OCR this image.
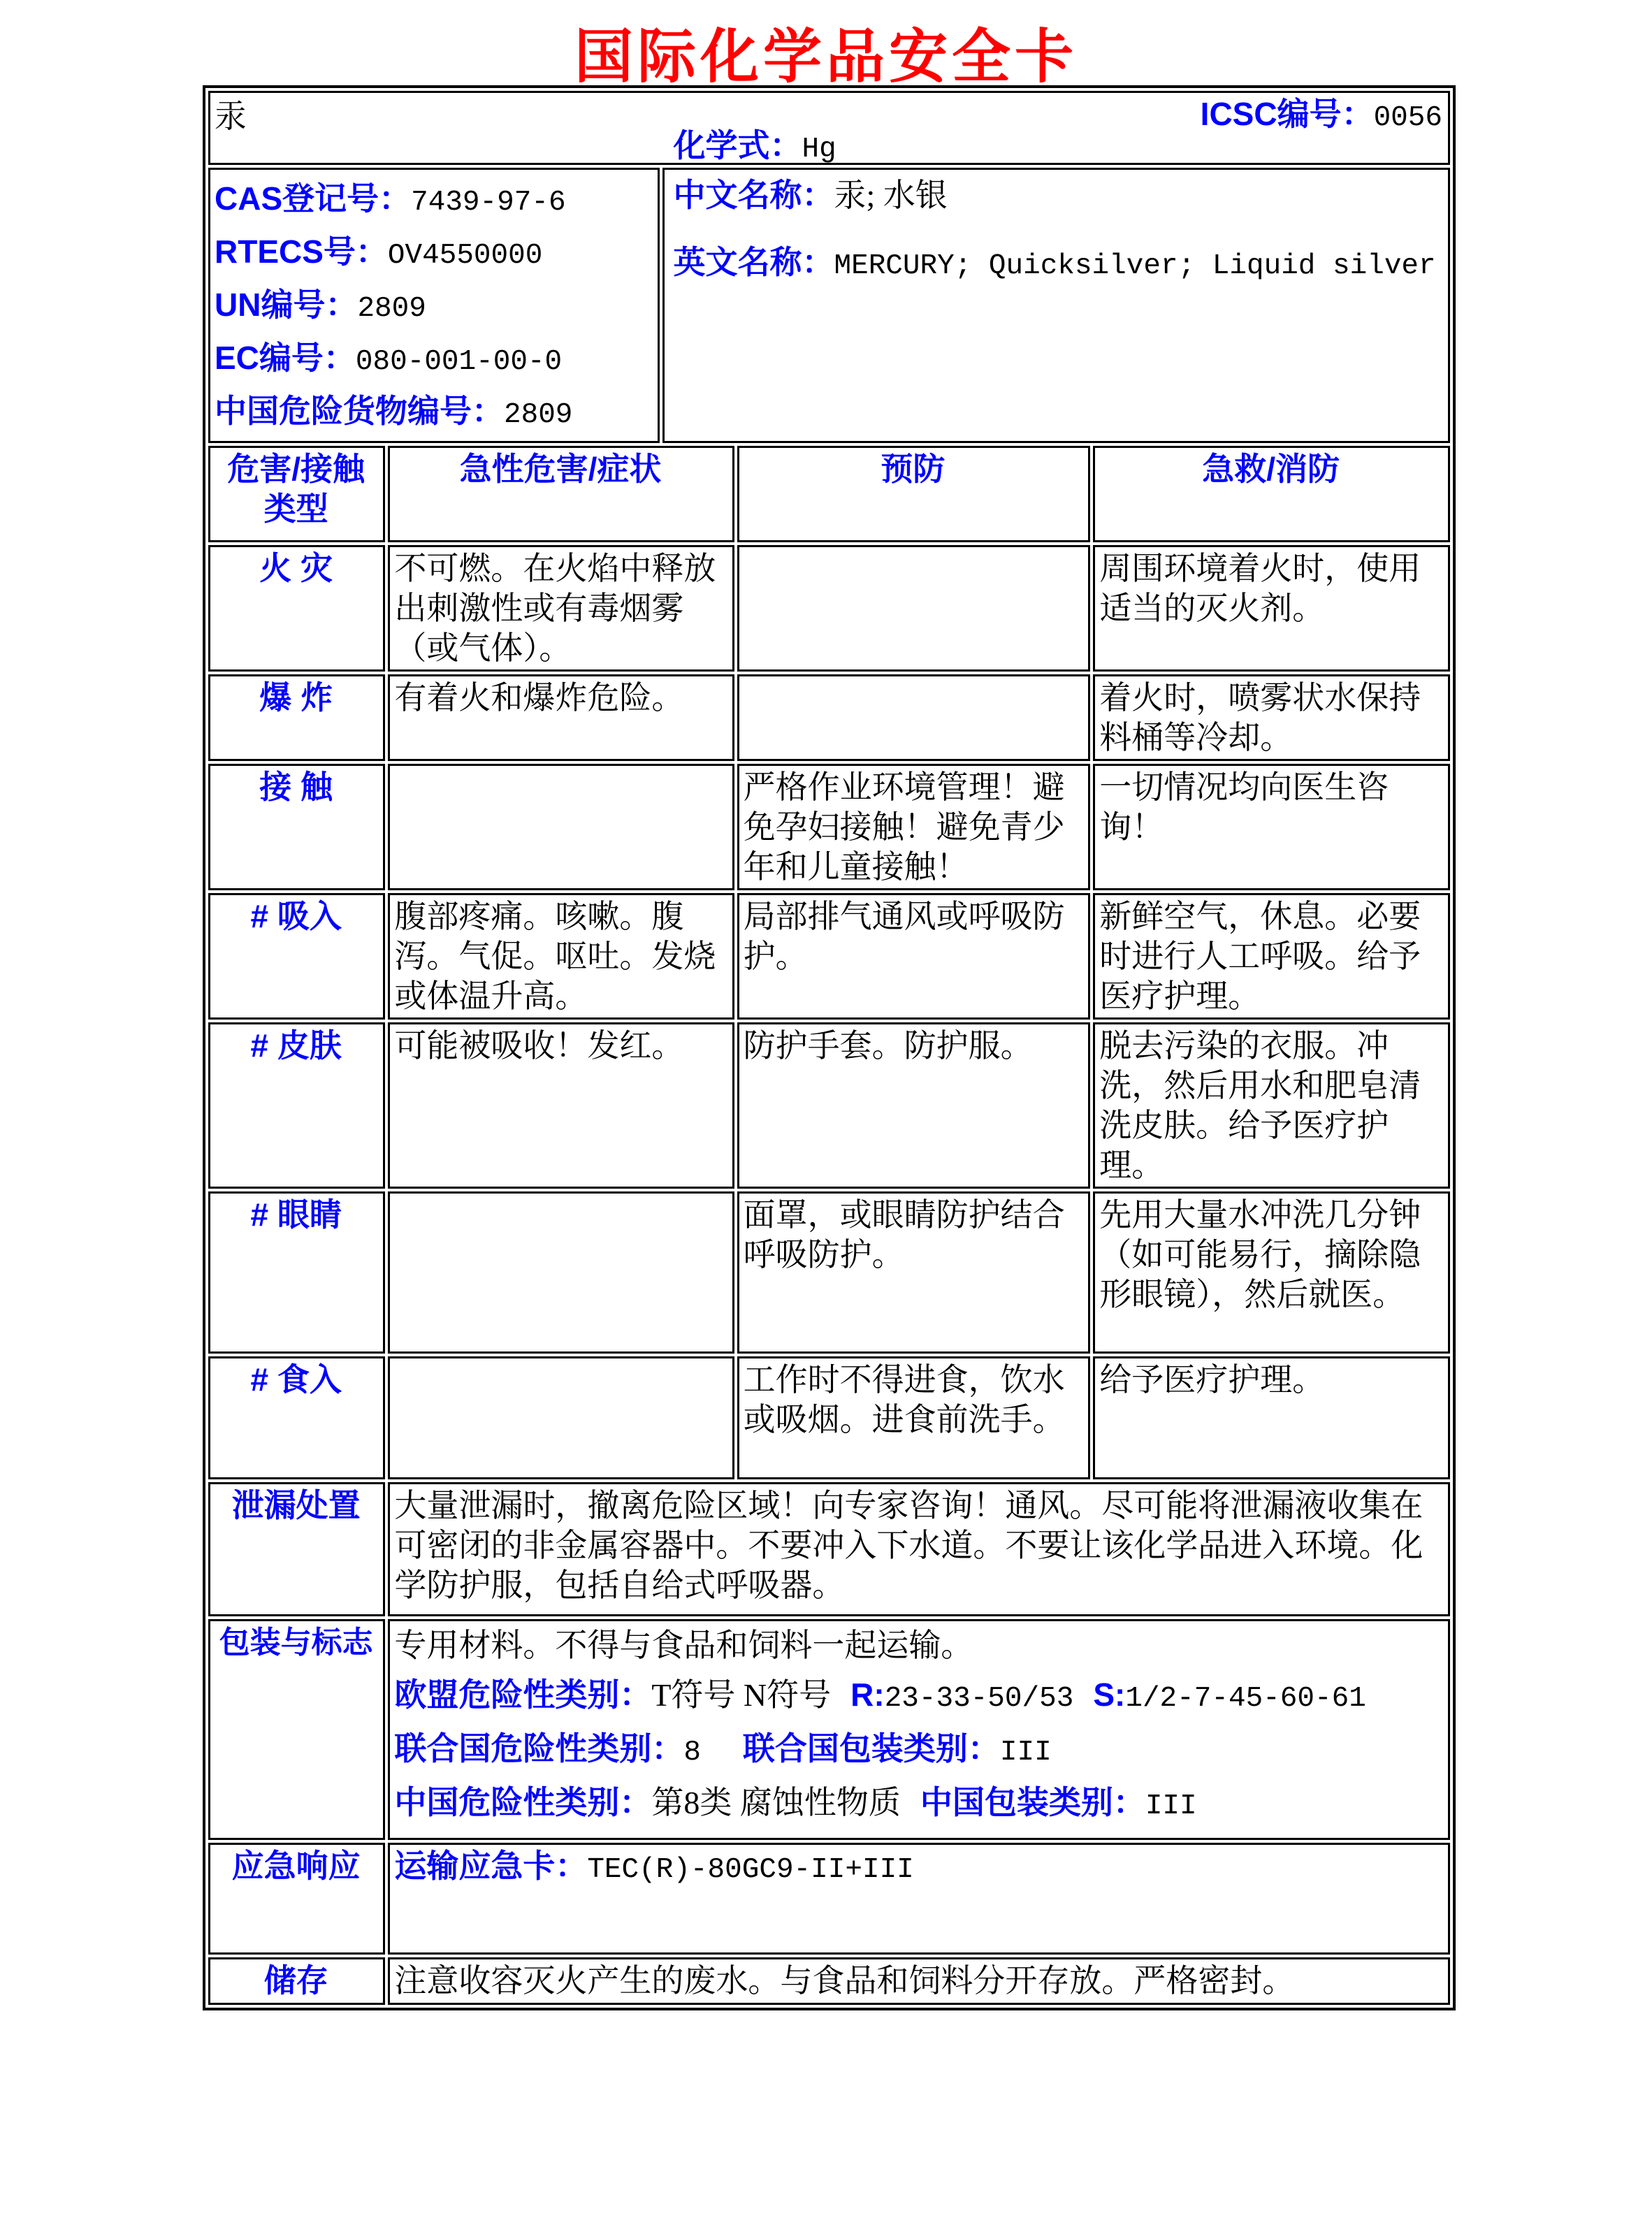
国际化学品安全卡
汞 ICSC编号：0056				

CAS登记号：7439-97-6
RTECS号：OV4550000
UN编号：2809
EC编号：080-001-00-0
中国危险货物编号：2809

中文名称：汞; 水银
英文名称：MERCURY; Quicksilver; Liquid silver
化学式：Hg

危害/接触
类型	急性危害/症状		预防	急救/消防
火 灾	不可燃。在火焰中释放出刺激性或有毒烟雾（或气体）。			周围环境着火时，使用适当的灭火剂。
爆 炸	有着火和爆炸危险。			着火时，喷雾状水保持料桶等冷却。
接 触			严格作业环境管理！避免孕妇接触！避免青少年和儿童接触！	一切情况均向医生咨询！
# 吸入	腹部疼痛。咳嗽。腹泻。气促。呕吐。发烧或体温升高。		局部排气通风或呼吸防护。	新鲜空气，休息。必要时进行人工呼吸。给予医疗护理。
# 皮肤	可能被吸收！发红。		防护手套。防护服。	脱去污染的衣服。冲洗，然后用水和肥皂清洗皮肤。给予医疗护理。
# 眼睛			面罩，或眼睛防护结合呼吸防护。	先用大量水冲洗几分钟（如可能易行，摘除隐形眼镜），然后就医。
# 食入			工作时不得进食，饮水或吸烟。进食前洗手。	给予医疗护理。
泄漏处置	大量泄漏时，撤离危险区域！向专家咨询！通风。尽可能将泄漏液收集在可密闭的非金属容器中。不要冲入下水道。不要让该化学品进入环境。化学防护服，包括自给式呼吸器。			
包装与标志	专用材料。不得与食品和饲料一起运输。
欧盟危险性类别：T符号 N符号 R:23-33-50/53 S:1/2-7-45-60-61
联合国危险性类别：8 联合国包装类别：III
中国危险性类别：第8类 腐蚀性物质 中国包装类别：III			

应急响应	运输应急卡：TEC(R)-80GC9-II+III			
储存	注意收容灭火产生的废水。与食品和饲料分开存放。严格密封。			
